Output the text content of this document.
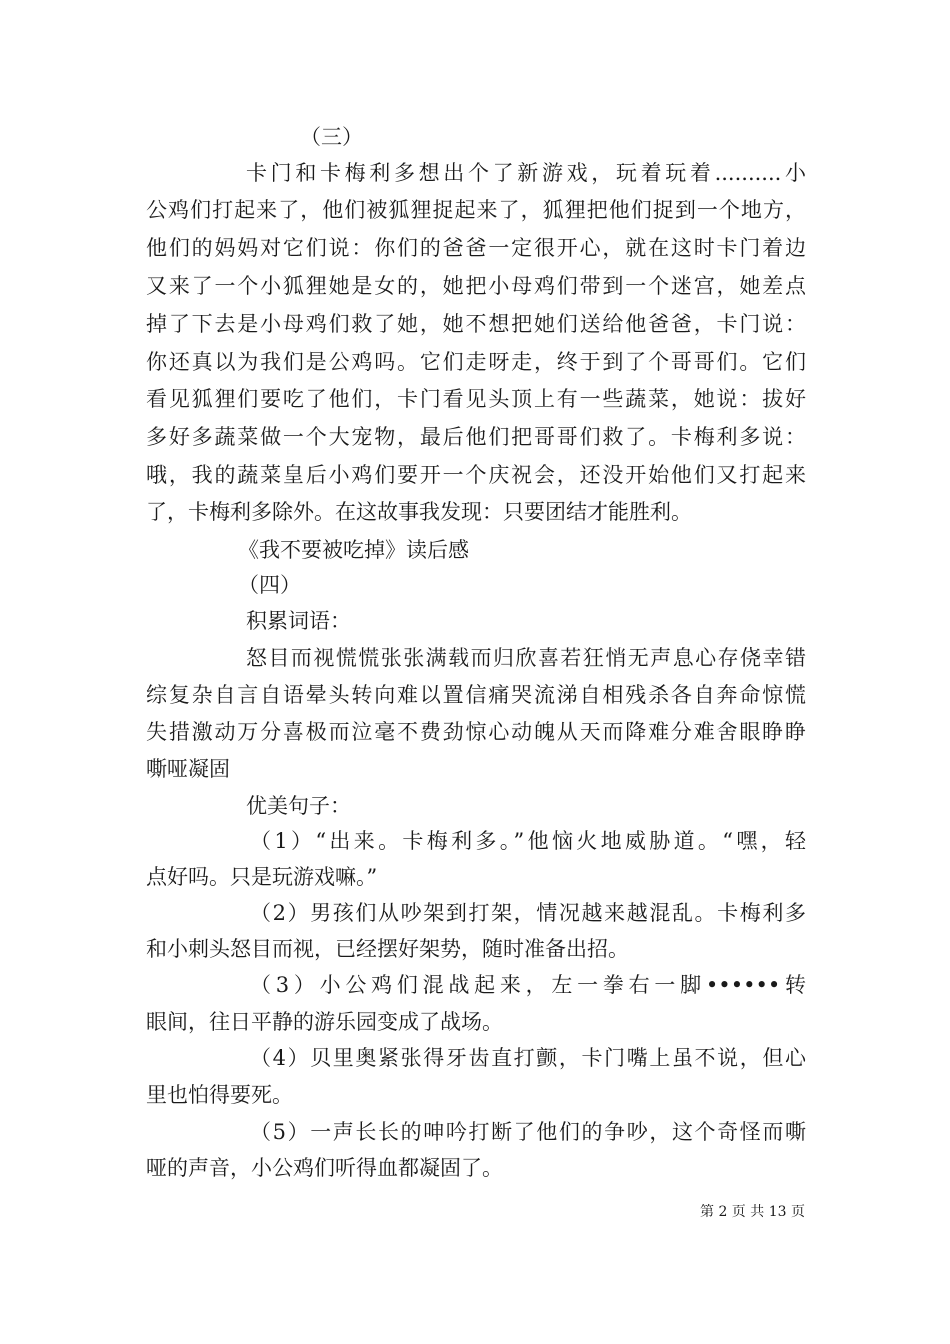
（三）
卡门和卡梅利多想出个了新游戏，玩着玩着..........小
公鸡们打起来了，他们被狐狸捉起来了，狐狸把他们捉到一个地方，
他们的妈妈对它们说：你们的爸爸一定很开心，就在这时卡门着边
又来了一个小狐狸她是女的，她把小母鸡们带到一个迷宫，她差点
掉了下去是小母鸡们救了她，她不想把她们送给他爸爸，卡门说：
你还真以为我们是公鸡吗。它们走呀走，终于到了个哥哥们。它们
看见狐狸们要吃了他们，卡门看见头顶上有一些蔬菜，她说：拔好
多好多蔬菜做一个大宠物，最后他们把哥哥们救了。卡梅利多说：
哦，我的蔬菜皇后小鸡们要开一个庆祝会，还没开始他们又打起来
了，卡梅利多除外。在这故事我发现：只要团结才能胜利。
《我不要被吃掉》读后感
（四）
积累词语：
怒目而视慌慌张张满载而归欣喜若狂悄无声息心存侥幸错
综复杂自言自语晕头转向难以置信痛哭流涕自相残杀各自奔命惊慌
失措激动万分喜极而泣毫不费劲惊心动魄从天而降难分难舍眼睁睁
嘶哑凝固
优美句子：
（1）“出来。卡梅利多。”他恼火地威胁道。“嘿，轻
点好吗。只是玩游戏嘛。”
（2）男孩们从吵架到打架，情况越来越混乱。卡梅利多
和小刺头怒目而视，已经摆好架势，随时准备出招。
（3）小公鸡们混战起来，左一拳右一脚••••••转
眼间，往日平静的游乐园变成了战场。
（4）贝里奥紧张得牙齿直打颤，卡门嘴上虽不说，但心
里也怕得要死。
（5）一声长长的呻吟打断了他们的争吵，这个奇怪而嘶
哑的声音，小公鸡们听得血都凝固了。
第 2 页 共 13 页
